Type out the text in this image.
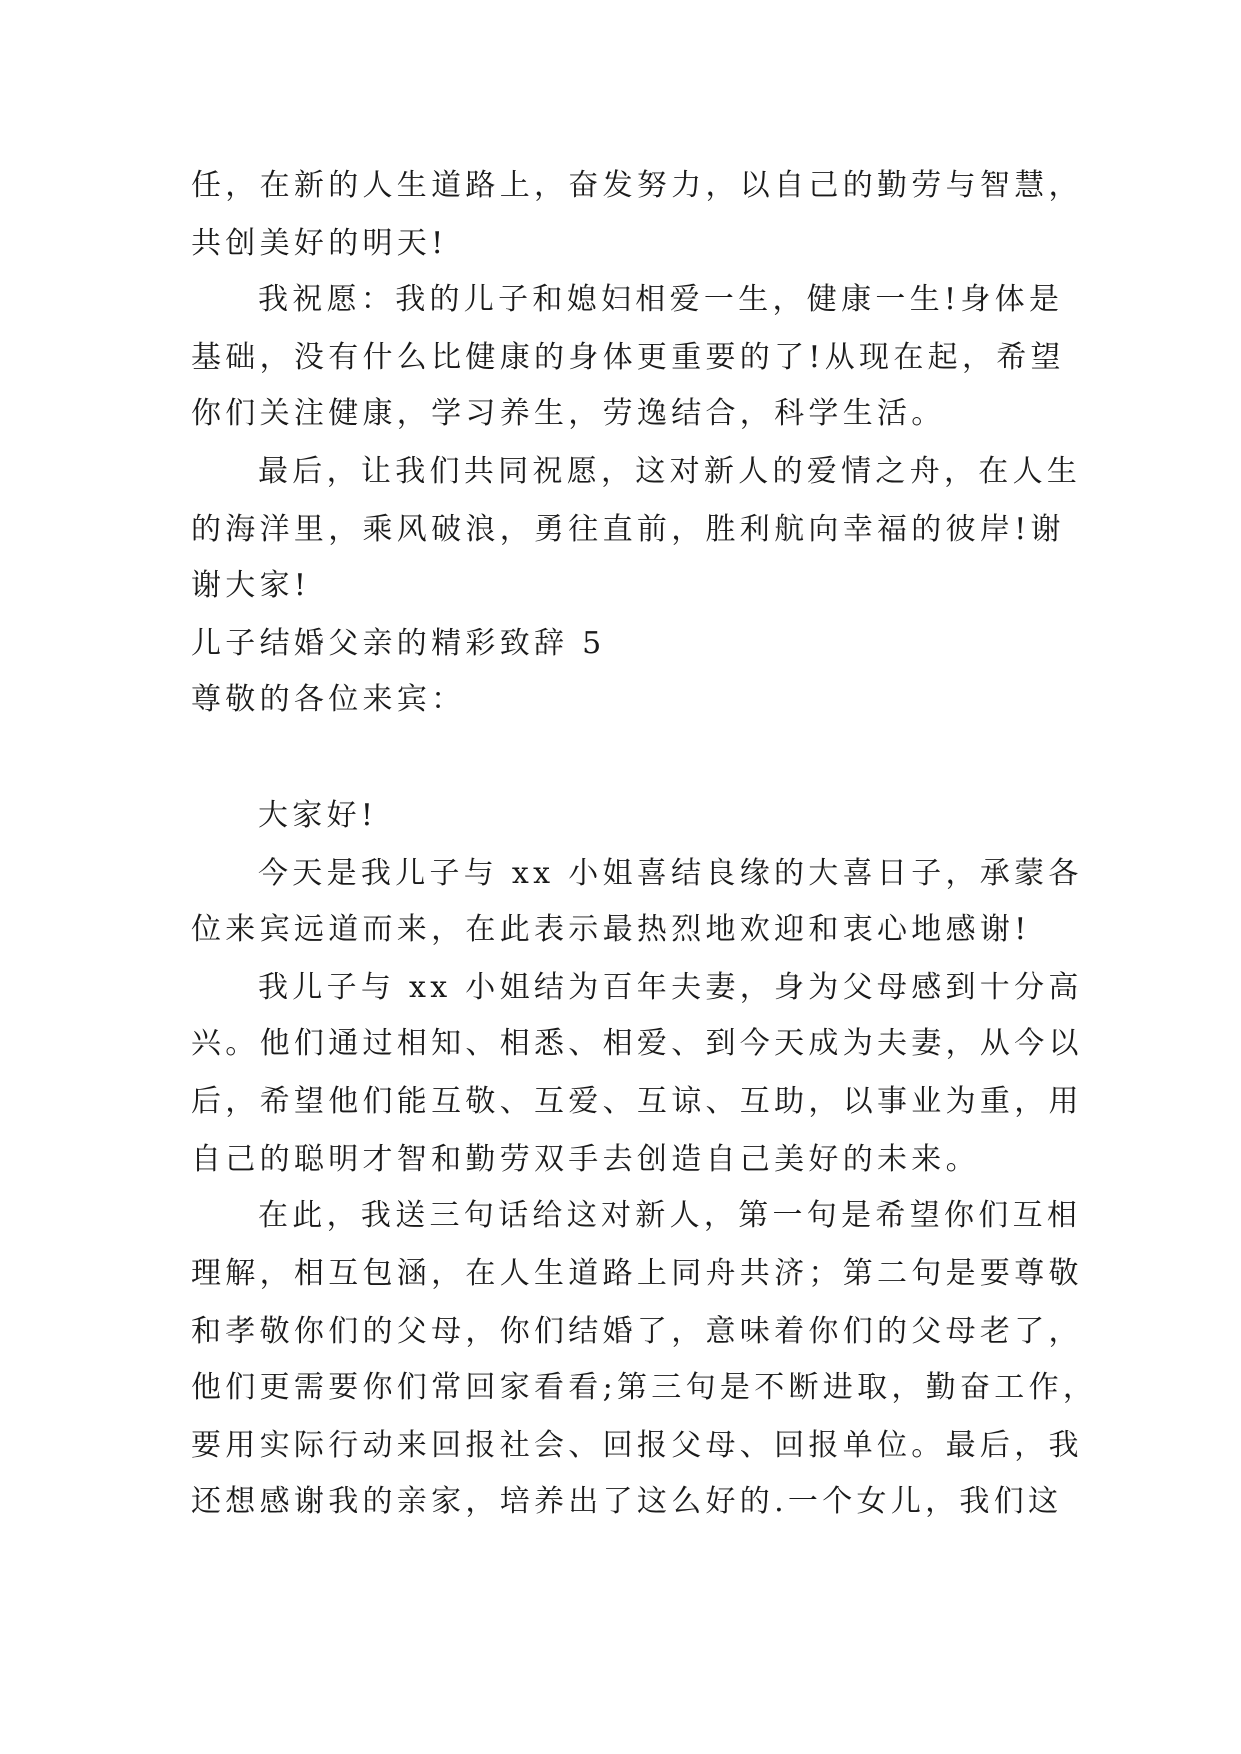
任，在新的人生道路上，奋发努力，以自己的勤劳与智慧，
共创美好的明天!
我祝愿：我的儿子和媳妇相爱一生，健康一生!身体是
基础，没有什么比健康的身体更重要的了!从现在起，希望
你们关注健康，学习养生，劳逸结合，科学生活。
最后，让我们共同祝愿，这对新人的爱情之舟，在人生
的海洋里，乘风破浪，勇往直前，胜利航向幸福的彼岸!谢
谢大家!
儿子结婚父亲的精彩致辞 5
尊敬的各位来宾：
大家好!
今天是我儿子与 xx 小姐喜结良缘的大喜日子，承蒙各
位来宾远道而来，在此表示最热烈地欢迎和衷心地感谢!
我儿子与 xx 小姐结为百年夫妻，身为父母感到十分高
兴。他们通过相知、相悉、相爱、到今天成为夫妻，从今以
后，希望他们能互敬、互爱、互谅、互助，以事业为重，用
自己的聪明才智和勤劳双手去创造自己美好的未来。
在此，我送三句话给这对新人，第一句是希望你们互相
理解，相互包涵，在人生道路上同舟共济；第二句是要尊敬
和孝敬你们的父母，你们结婚了，意味着你们的父母老了，
他们更需要你们常回家看看;第三句是不断进取，勤奋工作，
要用实际行动来回报社会、回报父母、回报单位。最后，我
还想感谢我的亲家，培养出了这么好的.一个女儿，我们这
